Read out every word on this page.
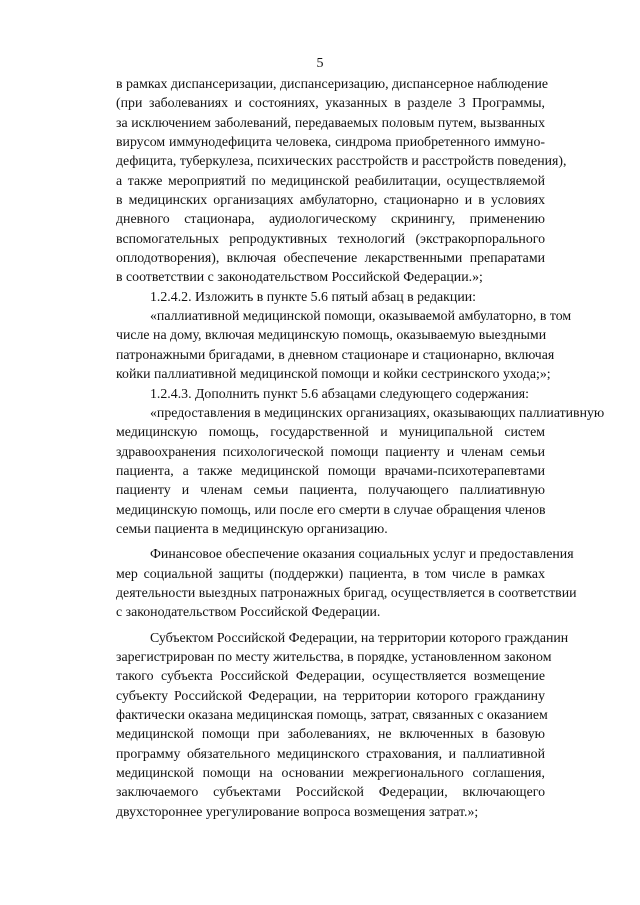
5
в рамках диспансеризации, диспансеризацию, диспансерное наблюдение
(при заболеваниях и состояниях, указанных в разделе 3 Программы,
за исключением заболеваний, передаваемых половым путем, вызванных
вирусом иммунодефицита человека, синдрома приобретенного иммуно-
дефицита, туберкулеза, психических расстройств и расстройств поведения),
а также мероприятий по медицинской реабилитации, осуществляемой
в медицинских организациях амбулаторно, стационарно и в условиях
дневного стационара, аудиологическому скринингу, применению
вспомогательных репродуктивных технологий (экстракорпорального
оплодотворения), включая обеспечение лекарственными препаратами
в соответствии с законодательством Российской Федерации.»;
1.2.4.2. Изложить в пункте 5.6 пятый абзац в редакции:
«паллиативной медицинской помощи, оказываемой амбулаторно, в том
числе на дому, включая медицинскую помощь, оказываемую выездными
патронажными бригадами, в дневном стационаре и стационарно, включая
койки паллиативной медицинской помощи и койки сестринского ухода;»;
1.2.4.3. Дополнить пункт 5.6 абзацами следующего содержания:
«предоставления в медицинских организациях, оказывающих паллиативную
медицинскую помощь, государственной и муниципальной систем
здравоохранения психологической помощи пациенту и членам семьи
пациента, а также медицинской помощи врачами-психотерапевтами
пациенту и членам семьи пациента, получающего паллиативную
медицинскую помощь, или после его смерти в случае обращения членов
семьи пациента в медицинскую организацию.
Финансовое обеспечение оказания социальных услуг и предоставления
мер социальной защиты (поддержки) пациента, в том числе в рамках
деятельности выездных патронажных бригад, осуществляется в соответствии
с законодательством Российской Федерации.
Субъектом Российской Федерации, на территории которого гражданин
зарегистрирован по месту жительства, в порядке, установленном законом
такого субъекта Российской Федерации, осуществляется возмещение
субъекту Российской Федерации, на территории которого гражданину
фактически оказана медицинская помощь, затрат, связанных с оказанием
медицинской помощи при заболеваниях, не включенных в базовую
программу обязательного медицинского страхования, и паллиативной
медицинской помощи на основании межрегионального соглашения,
заключаемого субъектами Российской Федерации, включающего
двухстороннее урегулирование вопроса возмещения затрат.»;
